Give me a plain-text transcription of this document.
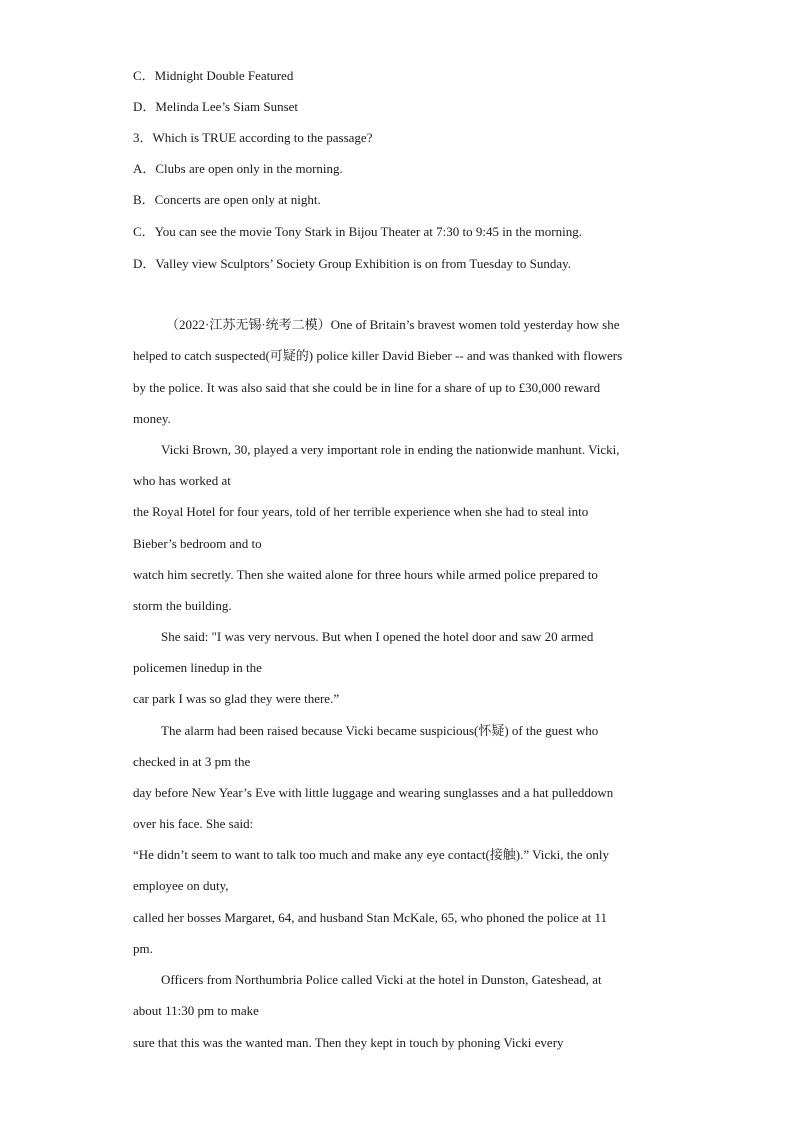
C．Midnight Double Featured
D．Melinda Lee’s Siam Sunset
3．Which is TRUE according to the passage?
A．Clubs are open only in the morning.
B．Concerts are open only at night.
C．You can see the movie Tony Stark in Bijou Theater at 7:30 to 9:45 in the morning.
D．Valley view Sculptors’ Society Group Exhibition is on from Tuesday to Sunday.
（2022·江苏无锡·统考二模）One of Britain’s bravest women told yesterday how she
helped to catch suspected(可疑的) police killer David Bieber -- and was thanked with flowers
by the police. It was also said that she could be in line for a share of up to £30,000 reward
money.
Vicki Brown, 30, played a very important role in ending the nationwide manhunt. Vicki,
who has worked at
the Royal Hotel for four years, told of her terrible experience when she had to steal into
Bieber’s bedroom and to
watch him secretly. Then she waited alone for three hours while armed police prepared to
storm the building.
She said: "I was very nervous. But when I opened the hotel door and saw 20 armed
policemen linedup in the
car park I was so glad they were there.”
The alarm had been raised because Vicki became suspicious(怀疑) of the guest who
checked in at 3 pm the
day before New Year’s Eve with little luggage and wearing sunglasses and a hat pulleddown
over his face. She said:
“He didn’t seem to want to talk too much and make any eye contact(接触).” Vicki, the only
employee on duty,
called her bosses Margaret, 64, and husband Stan McKale, 65, who phoned the police at 11
pm.
Officers from Northumbria Police called Vicki at the hotel in Dunston, Gateshead, at
about 11:30 pm to make
sure that this was the wanted man. Then they kept in touch by phoning Vicki every
